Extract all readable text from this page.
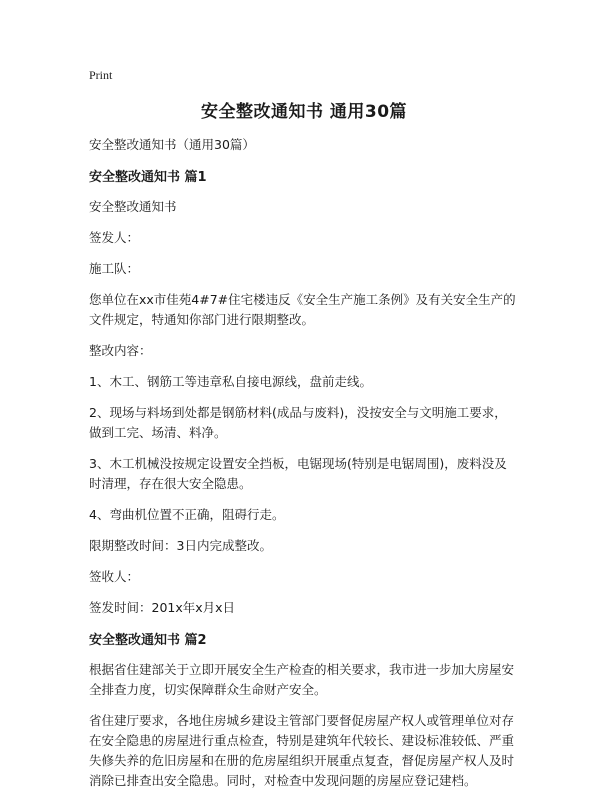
Print
安全整改通知书 通用30篇
安全整改通知书（通用30篇）
安全整改通知书 篇1

安全整改通知书

签发人：

施工队：

您单位在xx市佳苑4#7#住宅楼违反《安全生产施工条例》及有关安全生产的文件规定，特通知你部门进行限期整改。

整改内容：

1、木工、钢筋工等违章私自接电源线，盘前走线。

2、现场与料场到处都是钢筋材料(成品与废料)，没按安全与文明施工要求，做到工完、场清、料净。

3、木工机械没按规定设置安全挡板，电锯现场(特别是电锯周围)，废料没及时清理，存在很大安全隐患。

4、弯曲机位置不正确，阻碍行走。

限期整改时间：3日内完成整改。

签收人：

签发时间：201x年x月x日

安全整改通知书 篇2

根据省住建部关于立即开展安全生产检查的相关要求，我市进一步加大房屋安全排查力度，切实保障群众生命财产安全。

省住建厅要求，各地住房城乡建设主管部门要督促房屋产权人或管理单位对存在安全隐患的房屋进行重点检查，特别是建筑年代较长、建设标准较低、严重失修失养的危旧房屋和在册的危房屋组织开展重点复查，督促房屋产权人及时消除已排查出安全隐患。同时，对检查中发现问题的房屋应登记建档。
